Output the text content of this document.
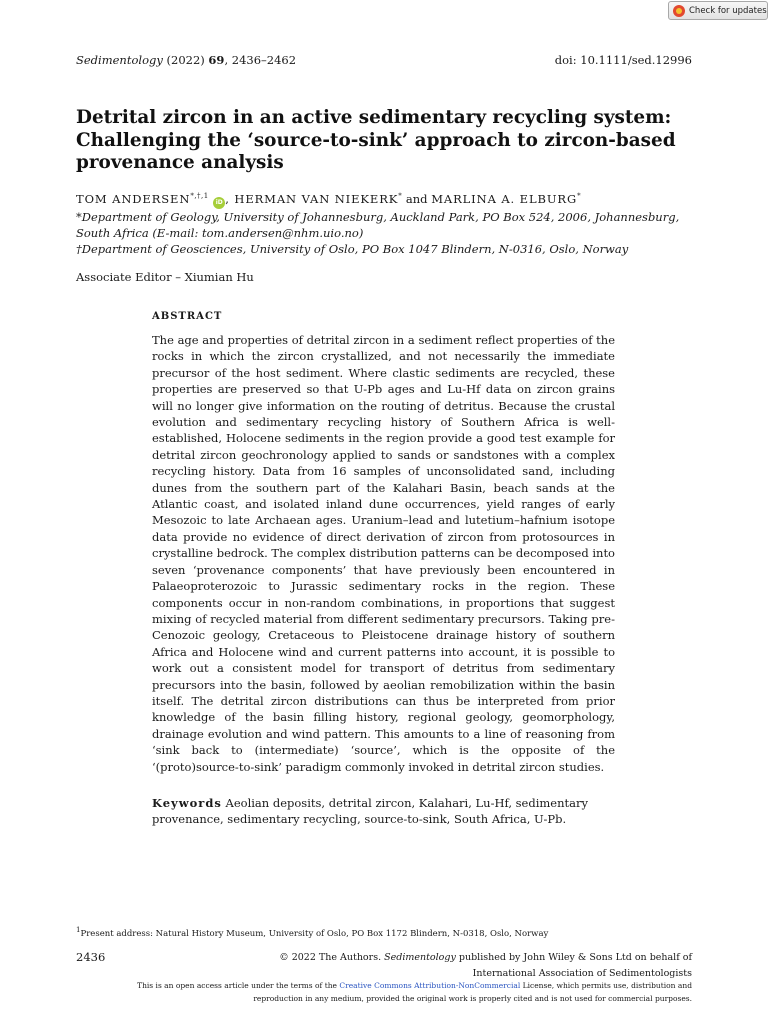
Check for updates
Sedimentology (2022) 69, 2436–2462	doi: 10.1111/sed.12996
Detrital zircon in an active sedimentary recycling system: Challenging the ‘source-to-sink’ approach to zircon-based provenance analysis
TOM $ANDERSEN^{*,\dagger,1}$ iD , HERMAN VAN NIEKERK* and MARLINA A. ELBURG*
*Department of Geology, University of Johannesburg, Auckland Park, PO Box 524, 2006, Johannesburg, South Africa (E-mail: tom.andersen@nhm.uio.no)
†Department of Geosciences, University of Oslo, PO Box 1047 Blindern, N-0316, Oslo, Norway
Associate Editor – Xiumian Hu
ABSTRACT

The age and properties of detrital zircon in a sediment reflect properties of the rocks in which the zircon crystallized, and not necessarily the immediate precursor of the host sediment. Where clastic sediments are recycled, these properties are preserved so that U-Pb ages and Lu-Hf data on zircon grains will no longer give information on the routing of detritus. Because the crustal evolution and sedimentary recycling history of Southern Africa is well-established, Holocene sediments in the region provide a good test example for detrital zircon geochronology applied to sands or sandstones with a complex recycling history. Data from 16 samples of unconsolidated sand, including dunes from the southern part of the Kalahari Basin, beach sands at the Atlantic coast, and isolated inland dune occurrences, yield ranges of early Mesozoic to late Archaean ages. Uranium–lead and lutetium–hafnium isotope data provide no evidence of direct derivation of zircon from protosources in crystalline bedrock. The complex distribution patterns can be decomposed into seven ‘provenance components’ that have previously been encountered in Palaeoproterozoic to Jurassic sedimentary rocks in the region. These components occur in non-random combinations, in proportions that suggest mixing of recycled material from different sedimentary precursors. Taking pre-Cenozoic geology, Cretaceous to Pleistocene drainage history of southern Africa and Holocene wind and current patterns into account, it is possible to work out a consistent model for transport of detritus from sedimentary precursors into the basin, followed by aeolian remobilization within the basin itself. The detrital zircon distributions can thus be interpreted from prior knowledge of the basin filling history, regional geology, geomorphology, drainage evolution and wind pattern. This amounts to a line of reasoning from ‘sink back to (intermediate) ‘source’, which is the opposite of the ‘(proto)source-to-sink’ paradigm commonly invoked in detrital zircon studies.

Keywords Aeolian deposits, detrital zircon, Kalahari, Lu-Hf, sedimentary provenance, sedimentary recycling, source-to-sink, South Africa, U-Pb.

$^1$Present address: Natural History Museum, University of Oslo, PO Box 1172 Blindern, N-0318, Oslo, Norway
2436	© 2022 The Authors. Sedimentology published by John Wiley & Sons Ltd on behalf of International Association of Sedimentologists
This is an open access article under the terms of the Creative Commons Attribution-NonCommercial License, which permits use, distribution and reproduction in any medium, provided the original work is properly cited and is not used for commercial purposes.
